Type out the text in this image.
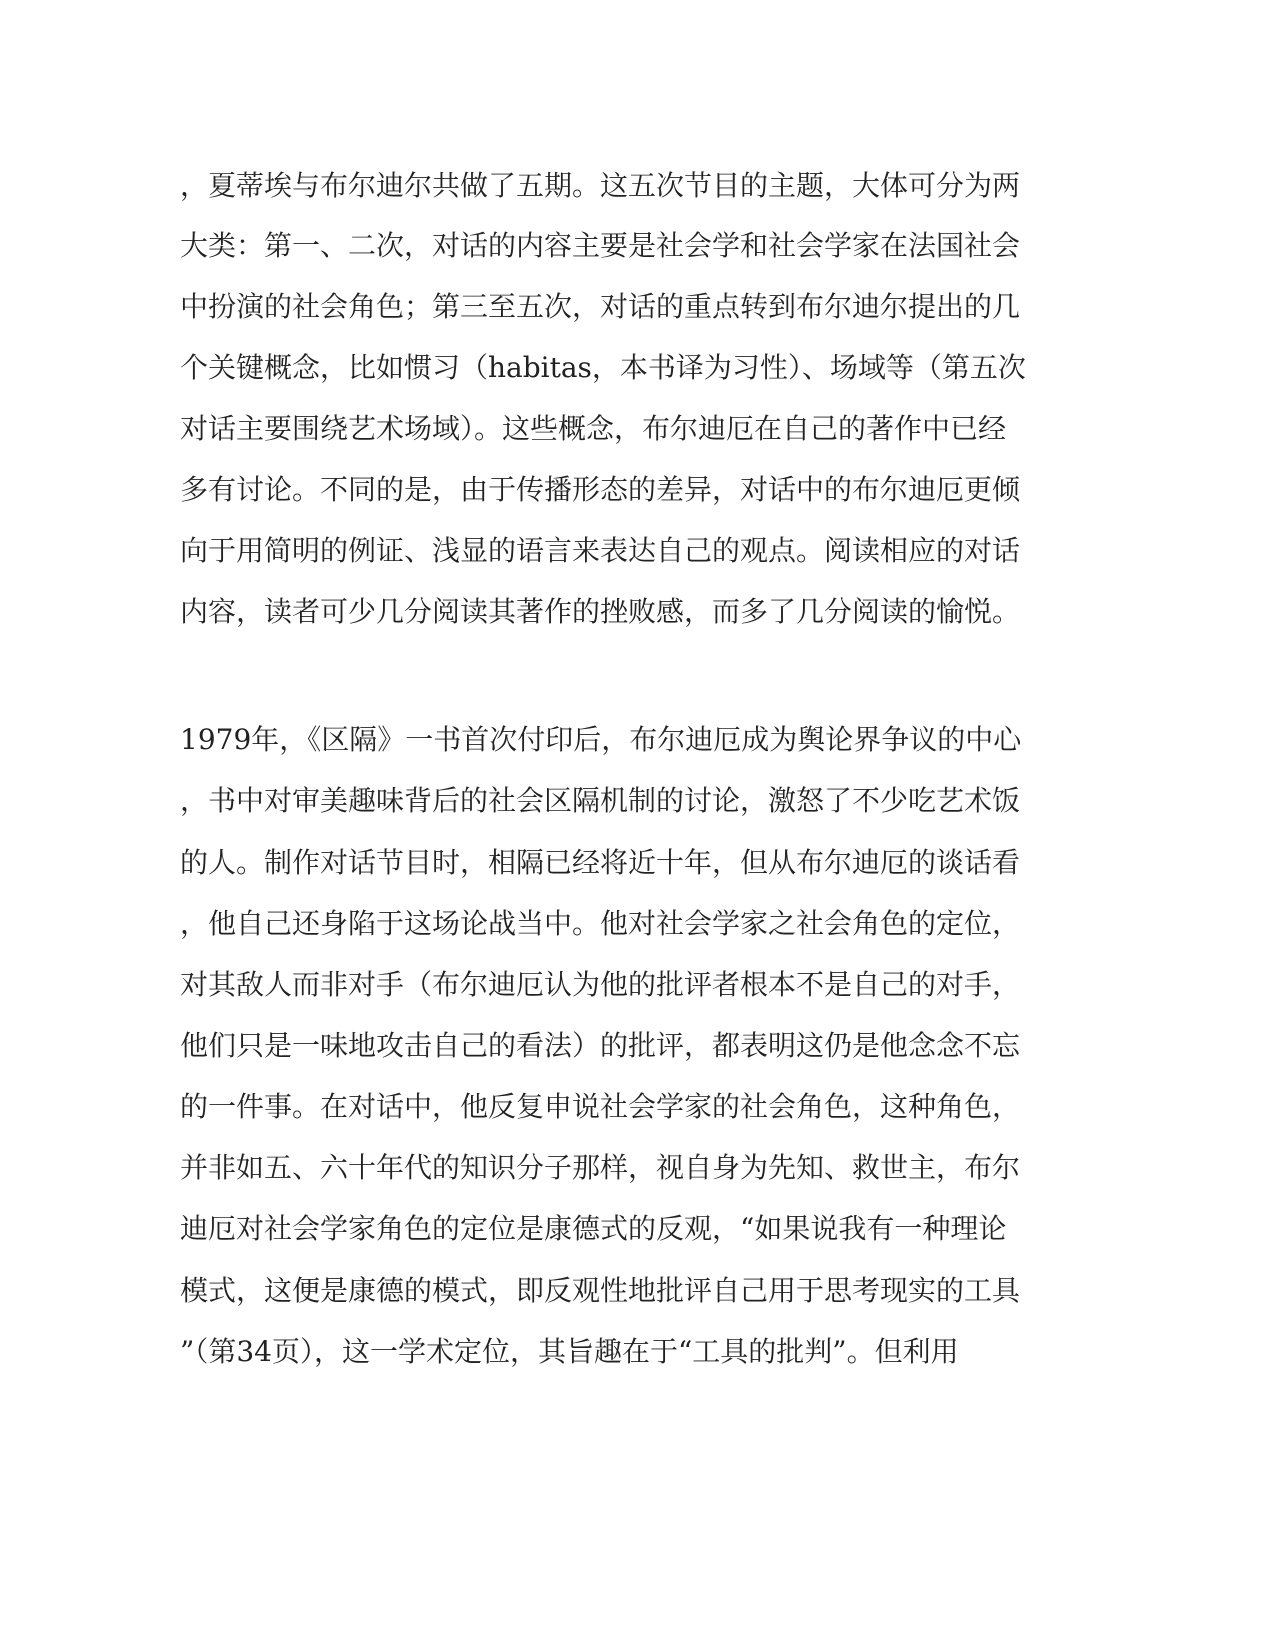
，夏蒂埃与布尔迪尔共做了五期。这五次节目的主题，大体可分为两
大类：第一、二次，对话的内容主要是社会学和社会学家在法国社会
中扮演的社会角色；第三至五次，对话的重点转到布尔迪尔提出的几
个关键概念，比如惯习（habitas，本书译为习性）、场域等（第五次
对话主要围绕艺术场域）。这些概念，布尔迪厄在自己的著作中已经
多有讨论。不同的是，由于传播形态的差异，对话中的布尔迪厄更倾
向于用简明的例证、浅显的语言来表达自己的观点。阅读相应的对话
内容，读者可少几分阅读其著作的挫败感，而多了几分阅读的愉悦。
1979年，《区隔》一书首次付印后，布尔迪厄成为舆论界争议的中心
，书中对审美趣味背后的社会区隔机制的讨论，激怒了不少吃艺术饭
的人。制作对话节目时，相隔已经将近十年，但从布尔迪厄的谈话看
，他自己还身陷于这场论战当中。他对社会学家之社会角色的定位，
对其敌人而非对手（布尔迪厄认为他的批评者根本不是自己的对手，
他们只是一味地攻击自己的看法）的批评，都表明这仍是他念念不忘
的一件事。在对话中，他反复申说社会学家的社会角色，这种角色，
并非如五、六十年代的知识分子那样，视自身为先知、救世主，布尔
迪厄对社会学家角色的定位是康德式的反观，“如果说我有一种理论
模式，这便是康德的模式，即反观性地批评自己用于思考现实的工具
”（第34页），这一学术定位，其旨趣在于“工具的批判”。但利用
